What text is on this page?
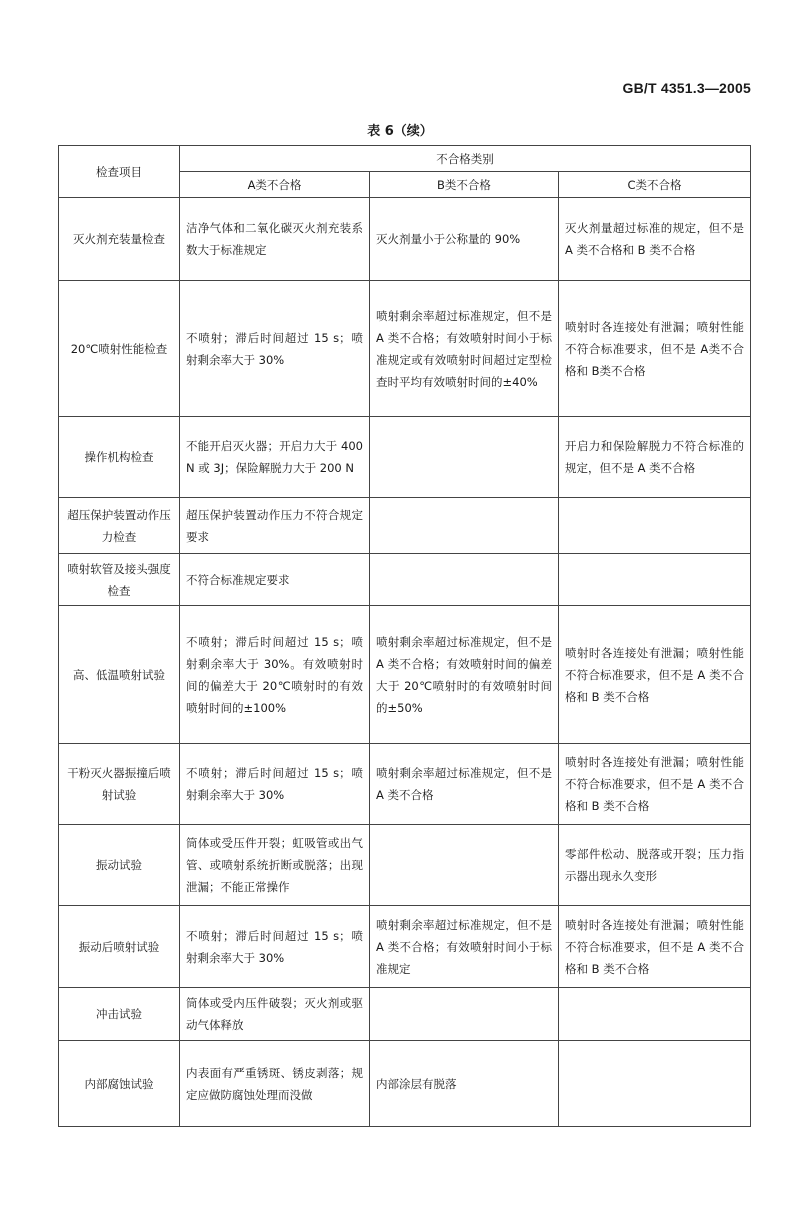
GB/T 4351.3—2005
表 6（续）
检查项目	不合格类别		
	A类不合格	B类不合格	C类不合格
灭火剂充装量检查	洁净气体和二氧化碳灭火剂充装系数大于标准规定	灭火剂量小于公称量的 90%	灭火剂量超过标准的规定，但不是 A 类不合格和 B 类不合格
20℃喷射性能检查	不喷射；滞后时间超过 15 s；喷射剩余率大于 30%	喷射剩余率超过标准规定，但不是 A 类不合格；有效喷射时间小于标准规定或有效喷射时间超过定型检查时平均有效喷射时间的±40%	喷射时各连接处有泄漏；喷射性能不符合标准要求，但不是 A类不合格和 B类不合格
操作机构检查	不能开启灭火器；开启力大于 400N 或 3J；保险解脱力大于 200 N		开启力和保险解脱力不符合标准的规定，但不是 A 类不合格
超压保护装置动作压力检查	超压保护装置动作压力不符合规定要求		
喷射软管及接头强度检查	不符合标准规定要求		
高、低温喷射试验	不喷射；滞后时间超过 15 s；喷射剩余率大于 30%。有效喷射时间的偏差大于 20℃喷射时的有效喷射时间的±100%	喷射剩余率超过标准规定，但不是 A 类不合格；有效喷射时间的偏差大于 20℃喷射时的有效喷射时间的±50%	喷射时各连接处有泄漏；喷射性能不符合标准要求，但不是 A 类不合格和 B 类不合格
干粉灭火器振撞后喷射试验	不喷射；滞后时间超过 15 s；喷射剩余率大于 30%	喷射剩余率超过标准规定，但不是 A 类不合格	喷射时各连接处有泄漏；喷射性能不符合标准要求，但不是 A 类不合格和 B 类不合格
振动试验	筒体或受压件开裂；虹吸管或出气管、或喷射系统折断或脱落；出现泄漏；不能正常操作		零部件松动、脱落或开裂；压力指示器出现永久变形
振动后喷射试验	不喷射；滞后时间超过 15 s；喷射剩余率大于 30%	喷射剩余率超过标准规定，但不是 A 类不合格；有效喷射时间小于标准规定	喷射时各连接处有泄漏；喷射性能不符合标准要求，但不是 A 类不合格和 B 类不合格
冲击试验	筒体或受内压件破裂；灭火剂或驱动气体释放		
内部腐蚀试验	内表面有严重锈斑、锈皮剥落；规定应做防腐蚀处理而没做	内部涂层有脱落	
